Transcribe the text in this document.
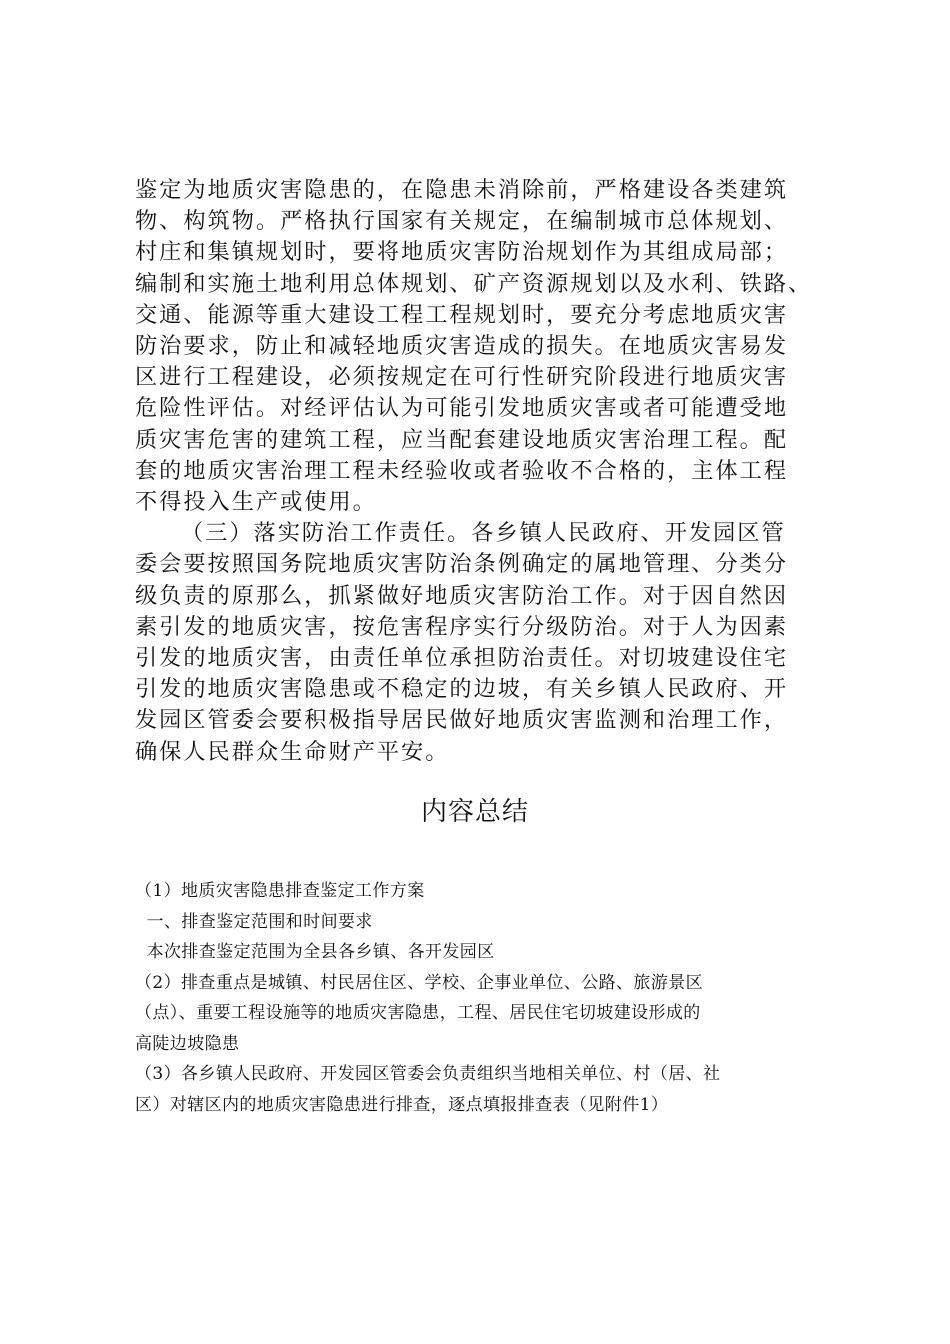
鉴定为地质灾害隐患的，在隐患未消除前，严格建设各类建筑
物、构筑物。严格执行国家有关规定，在编制城市总体规划、
村庄和集镇规划时，要将地质灾害防治规划作为其组成局部；
编制和实施土地利用总体规划、矿产资源规划以及水利、铁路、
交通、能源等重大建设工程工程规划时，要充分考虑地质灾害
防治要求，防止和减轻地质灾害造成的损失。在地质灾害易发
区进行工程建设，必须按规定在可行性研究阶段进行地质灾害
危险性评估。对经评估认为可能引发地质灾害或者可能遭受地
质灾害危害的建筑工程，应当配套建设地质灾害治理工程。配
套的地质灾害治理工程未经验收或者验收不合格的，主体工程
不得投入生产或使用。

（三）落实防治工作责任。各乡镇人民政府、开发园区管
委会要按照国务院地质灾害防治条例确定的属地管理、分类分
级负责的原那么，抓紧做好地质灾害防治工作。对于因自然因
素引发的地质灾害，按危害程序实行分级防治。对于人为因素
引发的地质灾害，由责任单位承担防治责任。对切坡建设住宅
引发的地质灾害隐患或不稳定的边坡，有关乡镇人民政府、开
发园区管委会要积极指导居民做好地质灾害监测和治理工作，
确保人民群众生命财产平安。

内容总结
（1）地质灾害隐患排查鉴定工作方案
一、排查鉴定范围和时间要求
本次排查鉴定范围为全县各乡镇、各开发园区
（2）排查重点是城镇、村民居住区、学校、企事业单位、公路、旅游景区
（点）、重要工程设施等的地质灾害隐患，工程、居民住宅切坡建设形成的
高陡边坡隐患
（3）各乡镇人民政府、开发园区管委会负责组织当地相关单位、村（居、社
区）对辖区内的地质灾害隐患进行排查，逐点填报排查表（见附件1）
